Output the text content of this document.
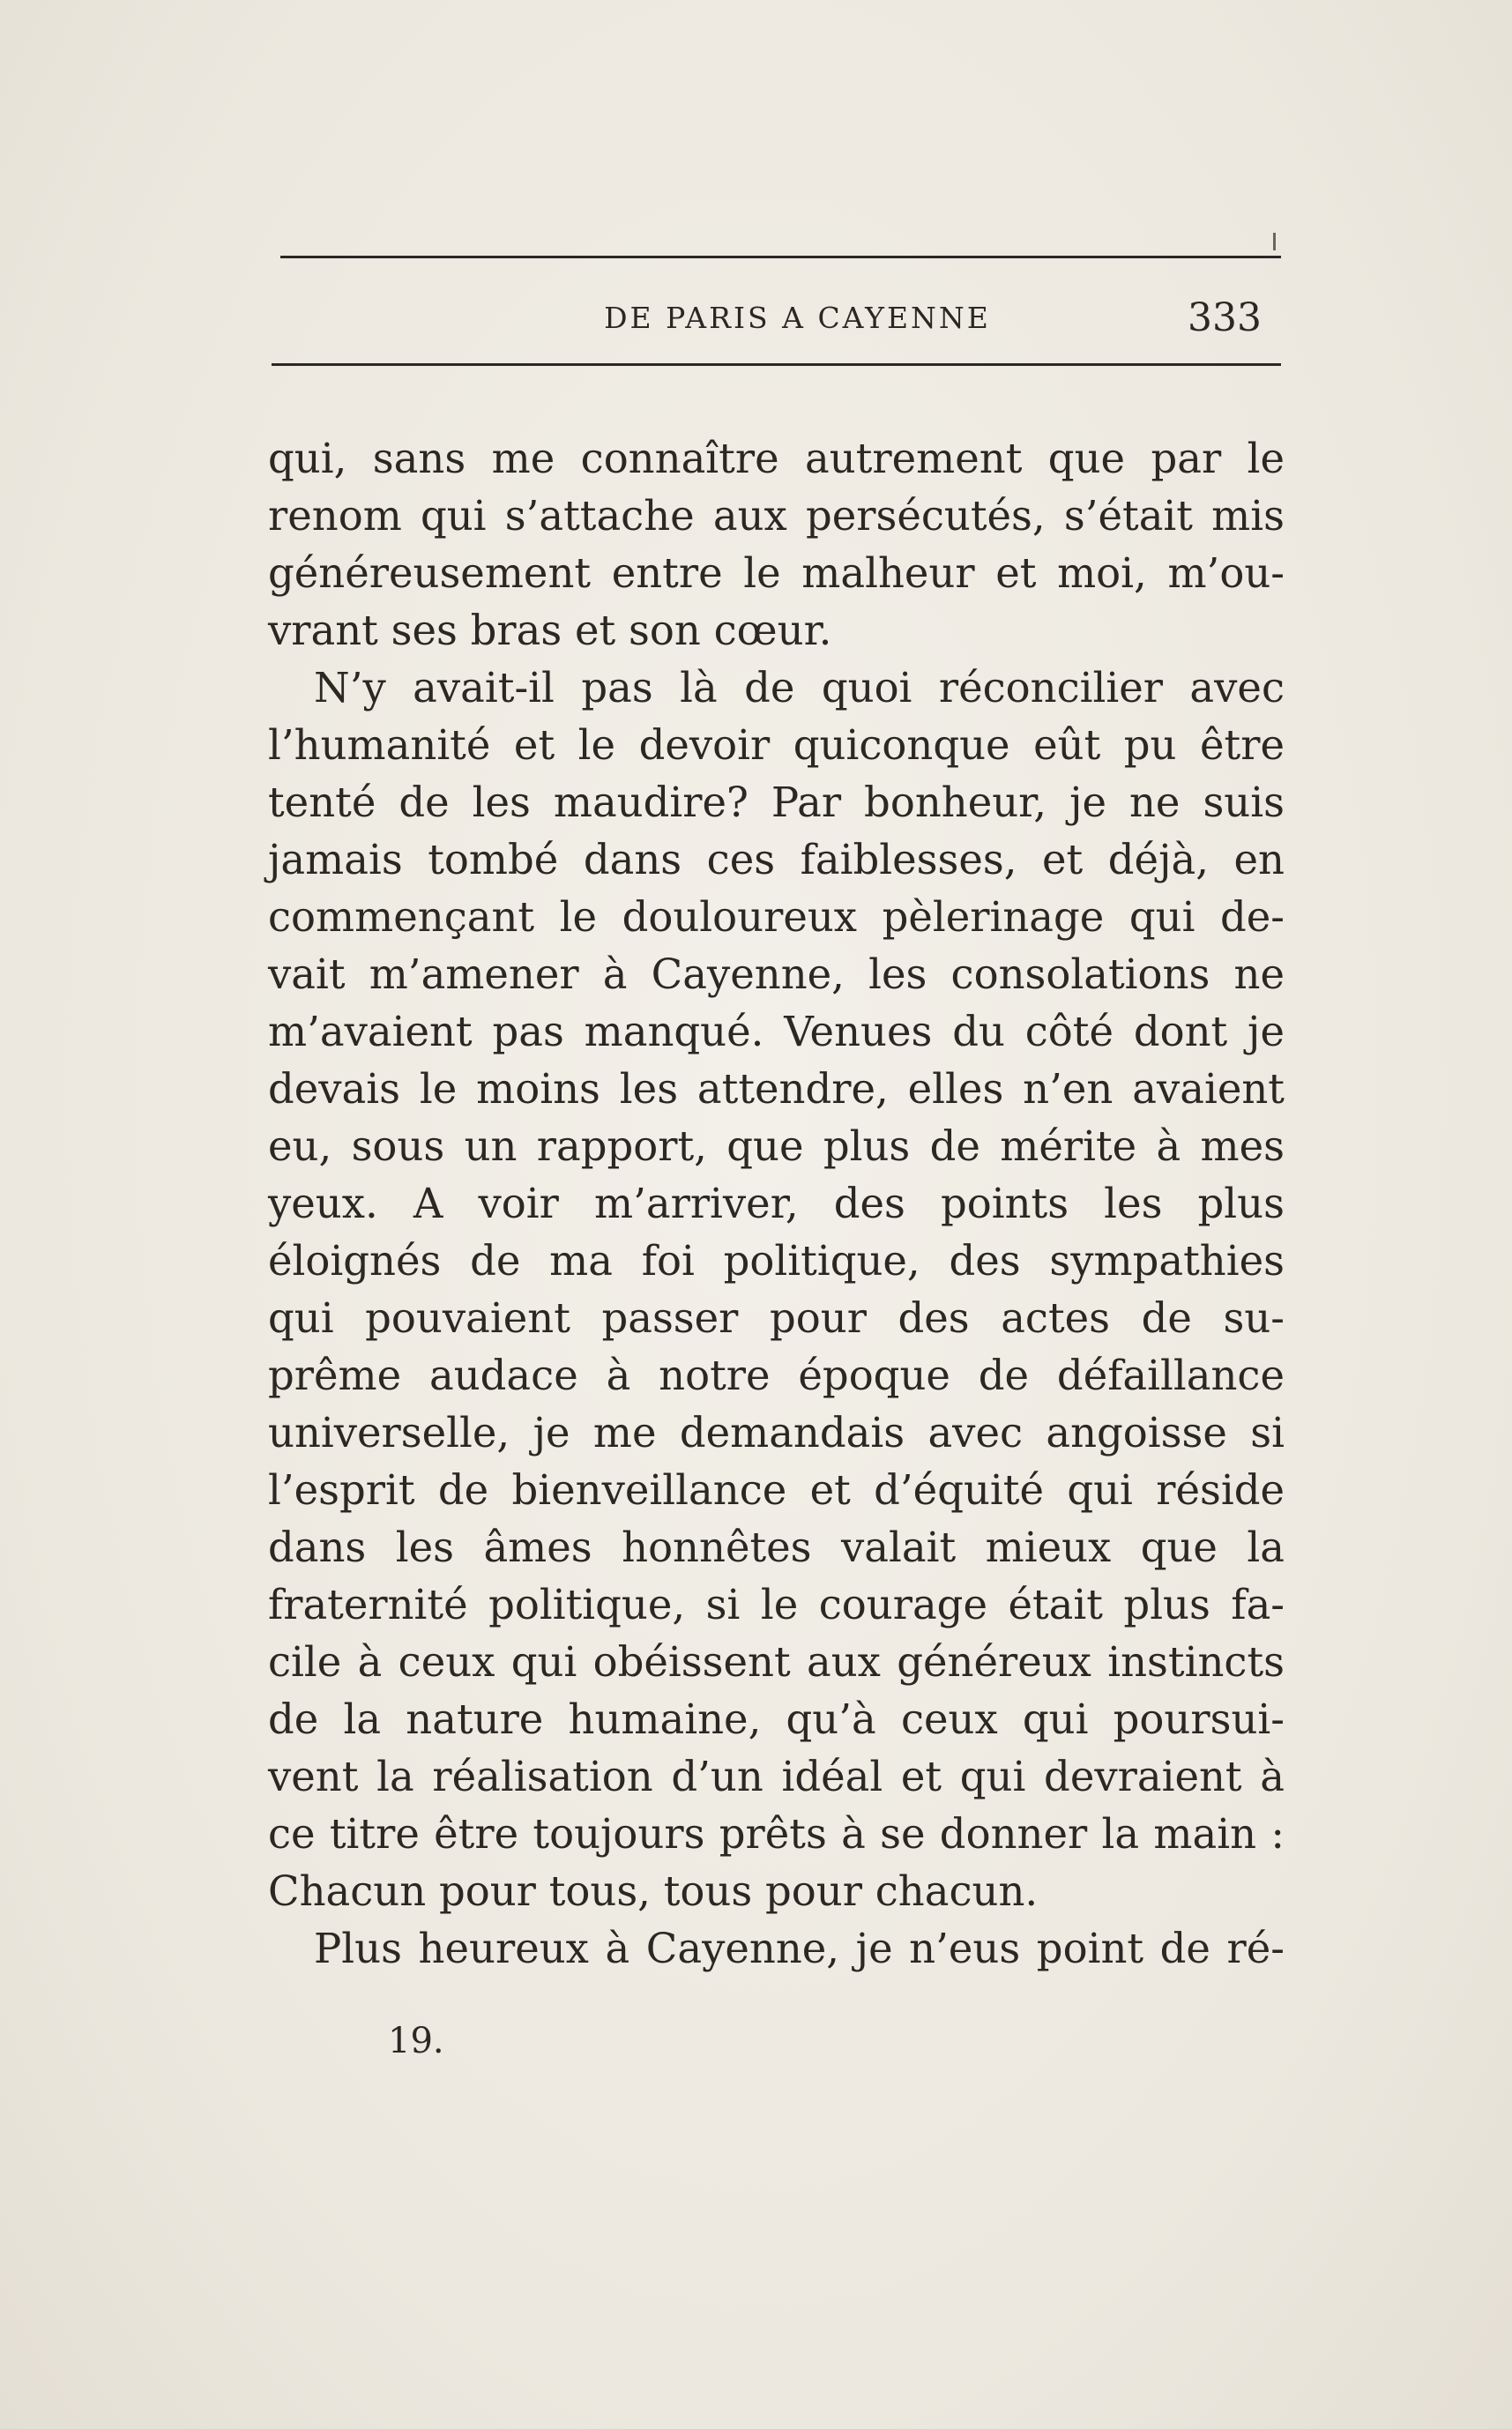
DE PARIS A CAYENNE	333
qui, sans me connaître autrement que par le
renom qui s’attache aux persécutés, s’était mis
généreusement entre le malheur et moi, m’ou-
vrant ses bras et son cœur.
N’y avait-il pas là de quoi réconcilier avec
l’humanité et le devoir quiconque eût pu être
tenté de les maudire? Par bonheur, je ne suis
jamais tombé dans ces faiblesses, et déjà, en
commençant le douloureux pèlerinage qui de-
vait m’amener à Cayenne, les consolations ne
m’avaient pas manqué. Venues du côté dont je
devais le moins les attendre, elles n’en avaient
eu, sous un rapport, que plus de mérite à mes
yeux. A voir m’arriver, des points les plus
éloignés de ma foi politique, des sympathies
qui pouvaient passer pour des actes de su-
prême audace à notre époque de défaillance
universelle, je me demandais avec angoisse si
l’esprit de bienveillance et d’équité qui réside
dans les âmes honnêtes valait mieux que la
fraternité politique, si le courage était plus fa-
cile à ceux qui obéissent aux généreux instincts
de la nature humaine, qu’à ceux qui poursui-
vent la réalisation d’un idéal et qui devraient à
ce titre être toujours prêts à se donner la main :
Chacun pour tous, tous pour chacun.
Plus heureux à Cayenne, je n’eus point de ré-
19.
